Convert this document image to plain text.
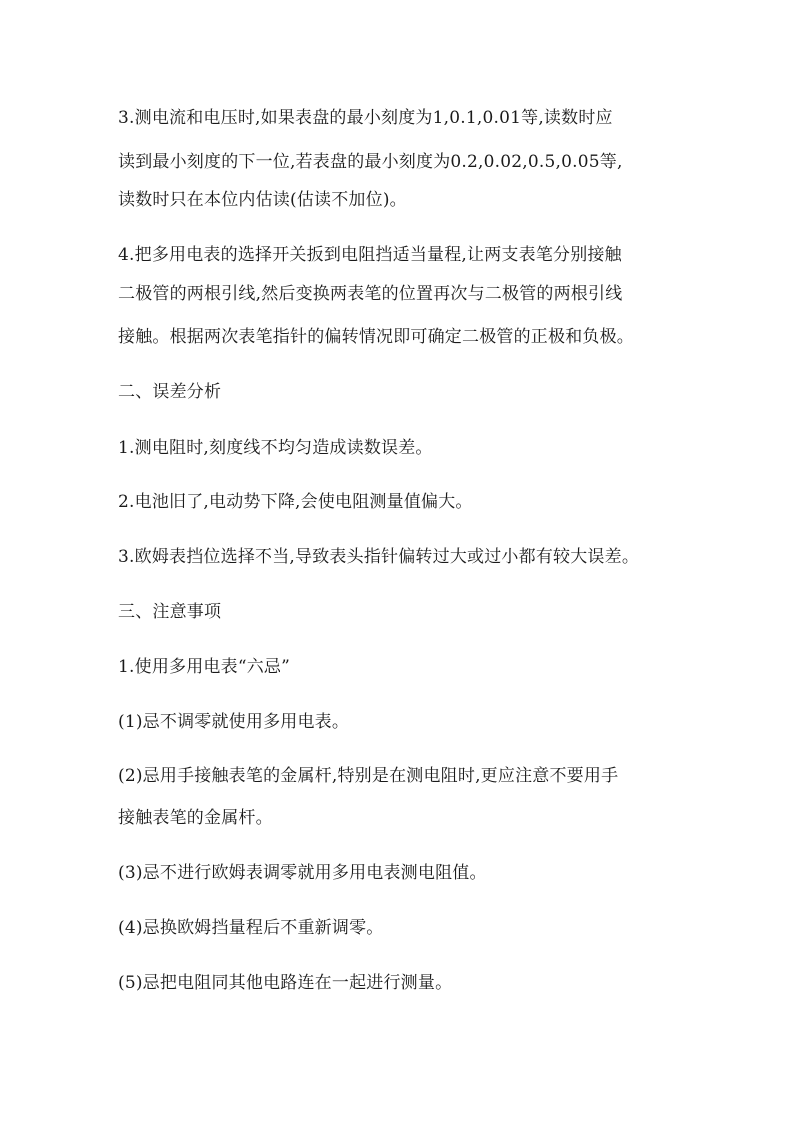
3.测电流和电压时,如果表盘的最小刻度为1,0.1,0.01等,读数时应
读到最小刻度的下一位,若表盘的最小刻度为0.2,0.02,0.5,0.05等,
读数时只在本位内估读(估读不加位)。
4.把多用电表的选择开关扳到电阻挡适当量程,让两支表笔分别接触
二极管的两根引线,然后变换两表笔的位置再次与二极管的两根引线
接触。根据两次表笔指针的偏转情况即可确定二极管的正极和负极。
二、误差分析
1.测电阻时,刻度线不均匀造成读数误差。
2.电池旧了,电动势下降,会使电阻测量值偏大。
3.欧姆表挡位选择不当,导致表头指针偏转过大或过小都有较大误差。
三、注意事项
1.使用多用电表“六忌”
(1)忌不调零就使用多用电表。
(2)忌用手接触表笔的金属杆,特别是在测电阻时,更应注意不要用手
接触表笔的金属杆。
(3)忌不进行欧姆表调零就用多用电表测电阻值。
(4)忌换欧姆挡量程后不重新调零。
(5)忌把电阻同其他电路连在一起进行测量。
